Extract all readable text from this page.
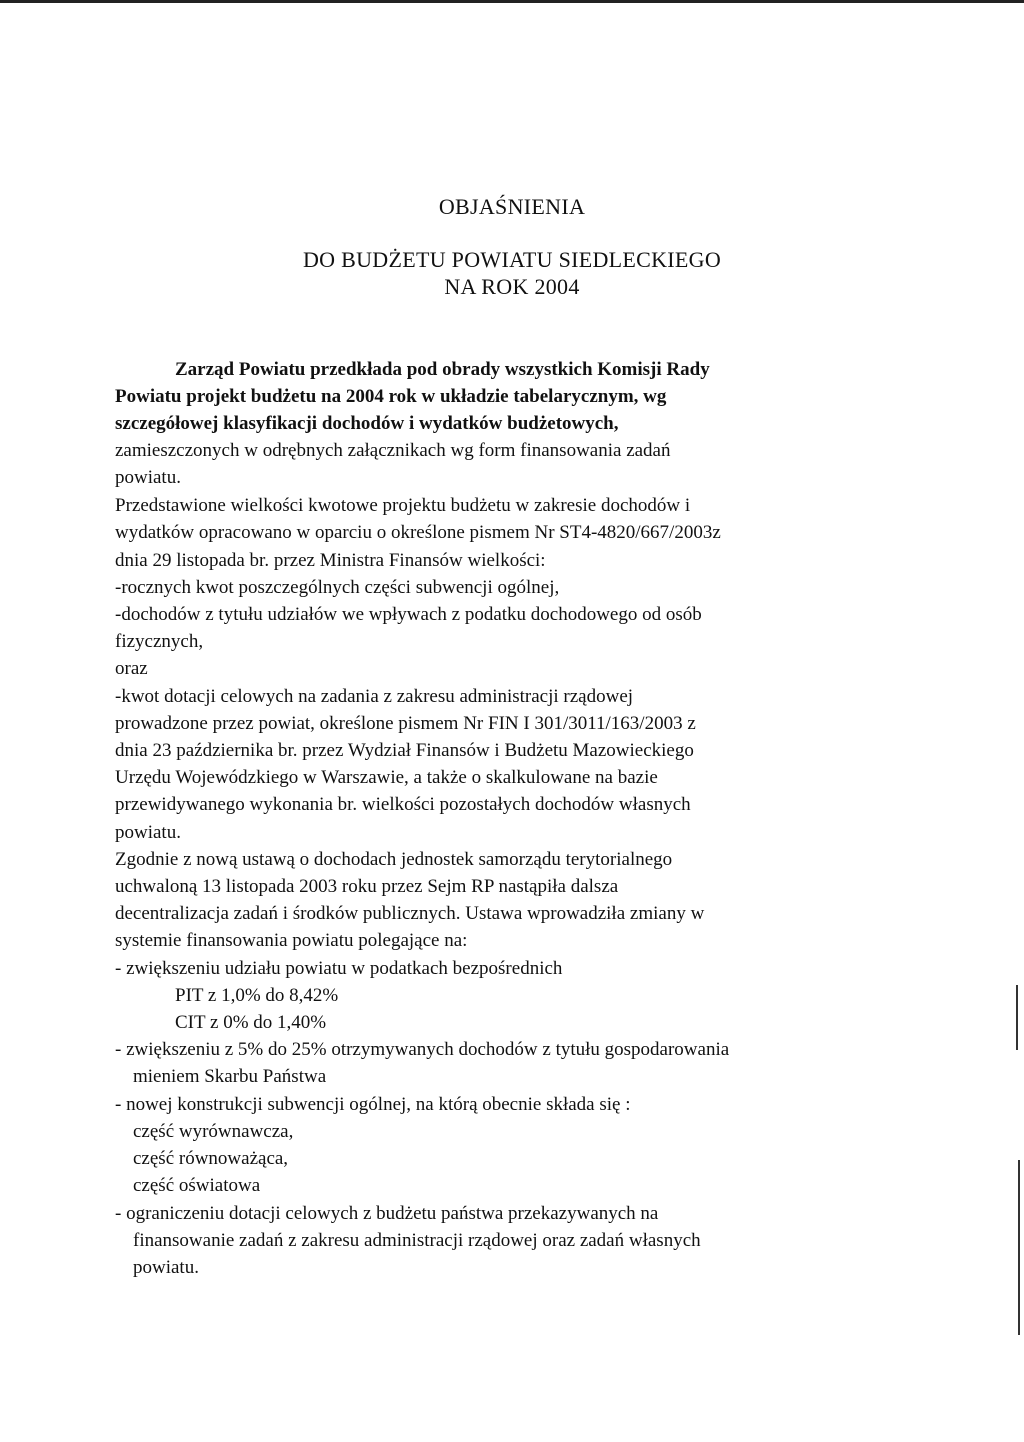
OBJAŚNIENIA
DO BUDŻETU POWIATU SIEDLECKIEGO
NA ROK 2004
Zarząd Powiatu przedkłada pod obrady wszystkich Komisji Rady
Powiatu projekt budżetu na 2004 rok w układzie tabelarycznym, wg
szczegółowej klasyfikacji dochodów i wydatków budżetowych,
zamieszczonych w odrębnych załącznikach wg form finansowania zadań
powiatu.
Przedstawione wielkości kwotowe projektu budżetu w zakresie dochodów i
wydatków opracowano w oparciu o określone pismem Nr ST4-4820/667/2003z
dnia 29 listopada br. przez Ministra Finansów wielkości:
-rocznych kwot poszczególnych części subwencji ogólnej,
-dochodów z tytułu udziałów we wpływach z podatku dochodowego od osób
fizycznych,
oraz
-kwot dotacji celowych na zadania z zakresu administracji rządowej
prowadzone przez powiat, określone pismem Nr FIN I 301/3011/163/2003 z
dnia 23 października br. przez Wydział Finansów i Budżetu Mazowieckiego
Urzędu Wojewódzkiego w Warszawie, a także o skalkulowane na bazie
przewidywanego wykonania br. wielkości pozostałych dochodów własnych
powiatu.
Zgodnie z nową ustawą o dochodach jednostek samorządu terytorialnego
uchwaloną 13 listopada 2003 roku przez Sejm RP nastąpiła dalsza
decentralizacja zadań i środków publicznych. Ustawa wprowadziła zmiany w
systemie finansowania powiatu polegające na:
- zwiększeniu udziału powiatu w podatkach bezpośrednich
PIT z 1,0% do 8,42%
CIT z 0% do 1,40%
- zwiększeniu z 5% do 25% otrzymywanych dochodów z tytułu gospodarowania
mieniem Skarbu Państwa
- nowej konstrukcji subwencji ogólnej, na którą obecnie składa się :
część wyrównawcza,
część równoważąca,
część oświatowa
- ograniczeniu dotacji celowych z budżetu państwa przekazywanych na
finansowanie zadań z zakresu administracji rządowej oraz zadań własnych
powiatu.
